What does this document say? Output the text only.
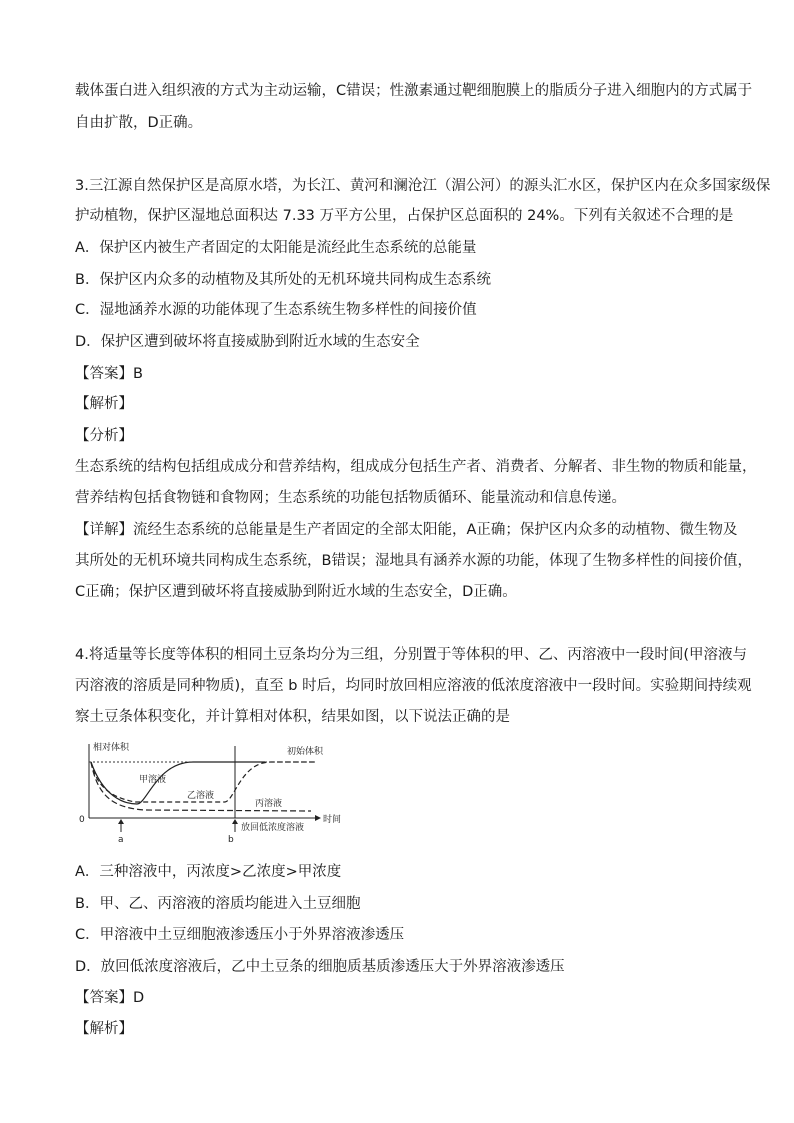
载体蛋白进入组织液的方式为主动运输，C错误；性激素通过靶细胞膜上的脂质分子进入细胞内的方式属于
自由扩散，D正确。
3.三江源自然保护区是高原水塔，为长江、黄河和澜沧江（湄公河）的源头汇水区，保护区内在众多国家级保
护动植物，保护区湿地总面积达 7.33 万平方公里，占保护区总面积的 24%。下列有关叙述不合理的是
A．保护区内被生产者固定的太阳能是流经此生态系统的总能量
B．保护区内众多的动植物及其所处的无机环境共同构成生态系统
C．湿地涵养水源的功能体现了生态系统生物多样性的间接价值
D．保护区遭到破坏将直接威胁到附近水域的生态安全
【答案】B
【解析】
【分析】
生态系统的结构包括组成成分和营养结构，组成成分包括生产者、消费者、分解者、非生物的物质和能量，
营养结构包括食物链和食物网；生态系统的功能包括物质循环、能量流动和信息传递。
【详解】流经生态系统的总能量是生产者固定的全部太阳能，A正确；保护区内众多的动植物、微生物及
其所处的无机环境共同构成生态系统，B错误；湿地具有涵养水源的功能，体现了生物多样性的间接价值，
C正确；保护区遭到破坏将直接威胁到附近水域的生态安全，D正确。
4.将适量等长度等体积的相同土豆条均分为三组，分别置于等体积的甲、乙、丙溶液中一段时间(甲溶液与
丙溶液的溶质是同种物质)，直至 b 时后，均同时放回相应溶液的低浓度溶液中一段时间。实验期间持续观
察土豆条体积变化，并计算相对体积，结果如图，以下说法正确的是
相对体积	初始体积
甲溶液
乙溶液
丙溶液
0	时间
a	b
放回低浓度溶液
A．三种溶液中，丙浓度>乙浓度>甲浓度
B．甲、乙、丙溶液的溶质均能进入土豆细胞
C．甲溶液中土豆细胞液渗透压小于外界溶液渗透压
D．放回低浓度溶液后，乙中土豆条的细胞质基质渗透压大于外界溶液渗透压
【答案】D
【解析】
